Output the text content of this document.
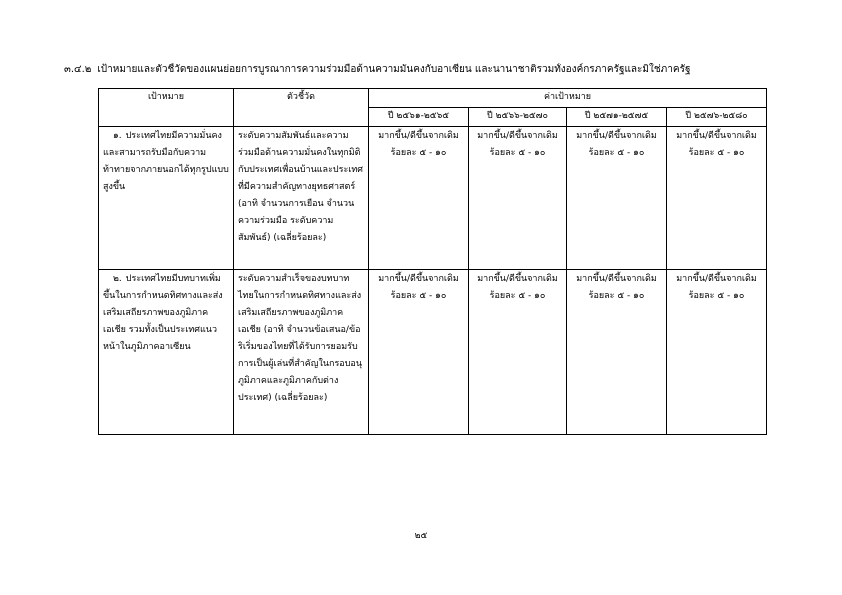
๓.๔.๒ เป้าหมายและตัวชี้วัดของแผนย่อยการบูรณาการความร่วมมือด้านความมั่นคงกับอาเซียน และนานาชาติรวมทั้งองค์กรภาครัฐและมิใช่ภาครัฐ
เป้าหมาย	ตัวชี้วัด	ค่าเป้าหมาย			
		ปี ๒๕๖๑-๒๕๖๕	ปี ๒๕๖๖-๒๕๗๐	ปี ๒๕๗๑-๒๕๗๕	ปี ๒๕๗๖-๒๕๘๐
๑. ประเทศไทยมีความมั่นคงและสามารถรับมือกับความท้าทายจากภายนอกได้ทุกรูปแบบสูงขึ้น	ระดับความสัมพันธ์และความร่วมมือด้านความมั่นคงในทุกมิติกับประเทศเพื่อนบ้านและประเทศที่มีความสำคัญทางยุทธศาสตร์ (อาทิ จำนวนการเยือน จำนวนความร่วมมือ ระดับความสัมพันธ์) (เฉลี่ยร้อยละ)	มากขึ้น/ดีขึ้นจากเดิม ร้อยละ ๕ - ๑๐	มากขึ้น/ดีขึ้นจากเดิม ร้อยละ ๕ - ๑๐	มากขึ้น/ดีขึ้นจากเดิม ร้อยละ ๕ - ๑๐	มากขึ้น/ดีขึ้นจากเดิม ร้อยละ ๕ - ๑๐
๒. ประเทศไทยมีบทบาทเพิ่มขึ้นในการกำหนดทิศทางและส่งเสริมเสถียรภาพของภูมิภาคเอเชีย รวมทั้งเป็นประเทศแนวหน้าในภูมิภาคอาเซียน	ระดับความสำเร็จของบทบาทไทยในการกำหนดทิศทางและส่งเสริมเสถียรภาพของภูมิภาคเอเชีย (อาทิ จำนวนข้อเสนอ/ข้อริเริ่มของไทยที่ได้รับการยอมรับ การเป็นผู้เล่นที่สำคัญในกรอบอนุภูมิภาคและภูมิภาคกับต่างประเทศ) (เฉลี่ยร้อยละ)	มากขึ้น/ดีขึ้นจากเดิม ร้อยละ ๕ - ๑๐	มากขึ้น/ดีขึ้นจากเดิม ร้อยละ ๕ - ๑๐	มากขึ้น/ดีขึ้นจากเดิม ร้อยละ ๕ - ๑๐	มากขึ้น/ดีขึ้นจากเดิม ร้อยละ ๕ - ๑๐
๒๕
